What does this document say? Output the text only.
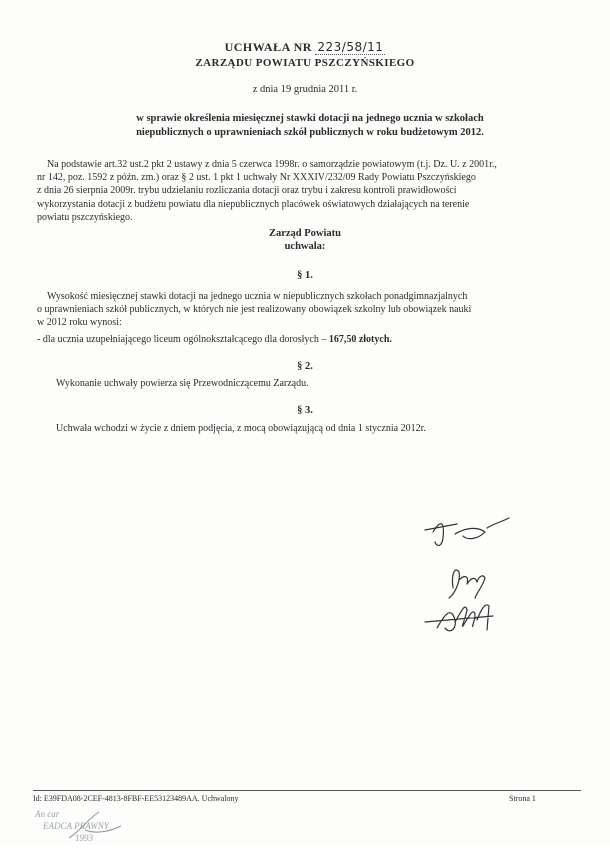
UCHWAŁA NR 223/58/11
ZARZĄDU POWIATU PSZCZYŃSKIEGO
z dnia 19 grudnia 2011 r.
w sprawie określenia miesięcznej stawki dotacji na jednego ucznia w szkołach
niepublicznych o uprawnieniach szkół publicznych w roku budżetowym 2012.

Na podstawie art.32 ust.2 pkt 2 ustawy z dnia 5 czerwca 1998r. o samorządzie powiatowym (t.j. Dz. U. z 2001r.,

nr 142, poz. 1592 z późn. zm.) oraz § 2 ust. 1 pkt 1 uchwały Nr XXXIV/232/09 Rady Powiatu Pszczyńskiego

z dnia 26 sierpnia 2009r. trybu udzielaniu rozliczania dotacji oraz trybu i zakresu kontroli prawidłowości

wykorzystania dotacji z budżetu powiatu dla niepublicznych placówek oświatowych działających na terenie

powiatu pszczyńskiego.

Zarząd Powiatu
uchwala:
§ 1.

Wysokość miesięcznej stawki dotacji na jednego ucznia w niepublicznych szkołach ponadgimnazjalnych

o uprawnieniach szkół publicznych, w których nie jest realizowany obowiązek szkolny lub obowiązek nauki

w 2012 roku wynosi:

- dla ucznia uzupełniającego liceum ogólnokształcącego dla dorosłych – 167,50 złotych.
§ 2.
Wykonanie uchwały powierza się Przewodniczącemu Zarządu.
§ 3.
Uchwała wchodzi w życie z dniem podjęcia, z mocą obowiązującą od dnia 1 stycznia 2012r.
Id: E39FDA08-2CEF-4813-8FBF-EE53123489AA. Uchwalony	Strona 1
An car
EADCA PRAWNY
1993
